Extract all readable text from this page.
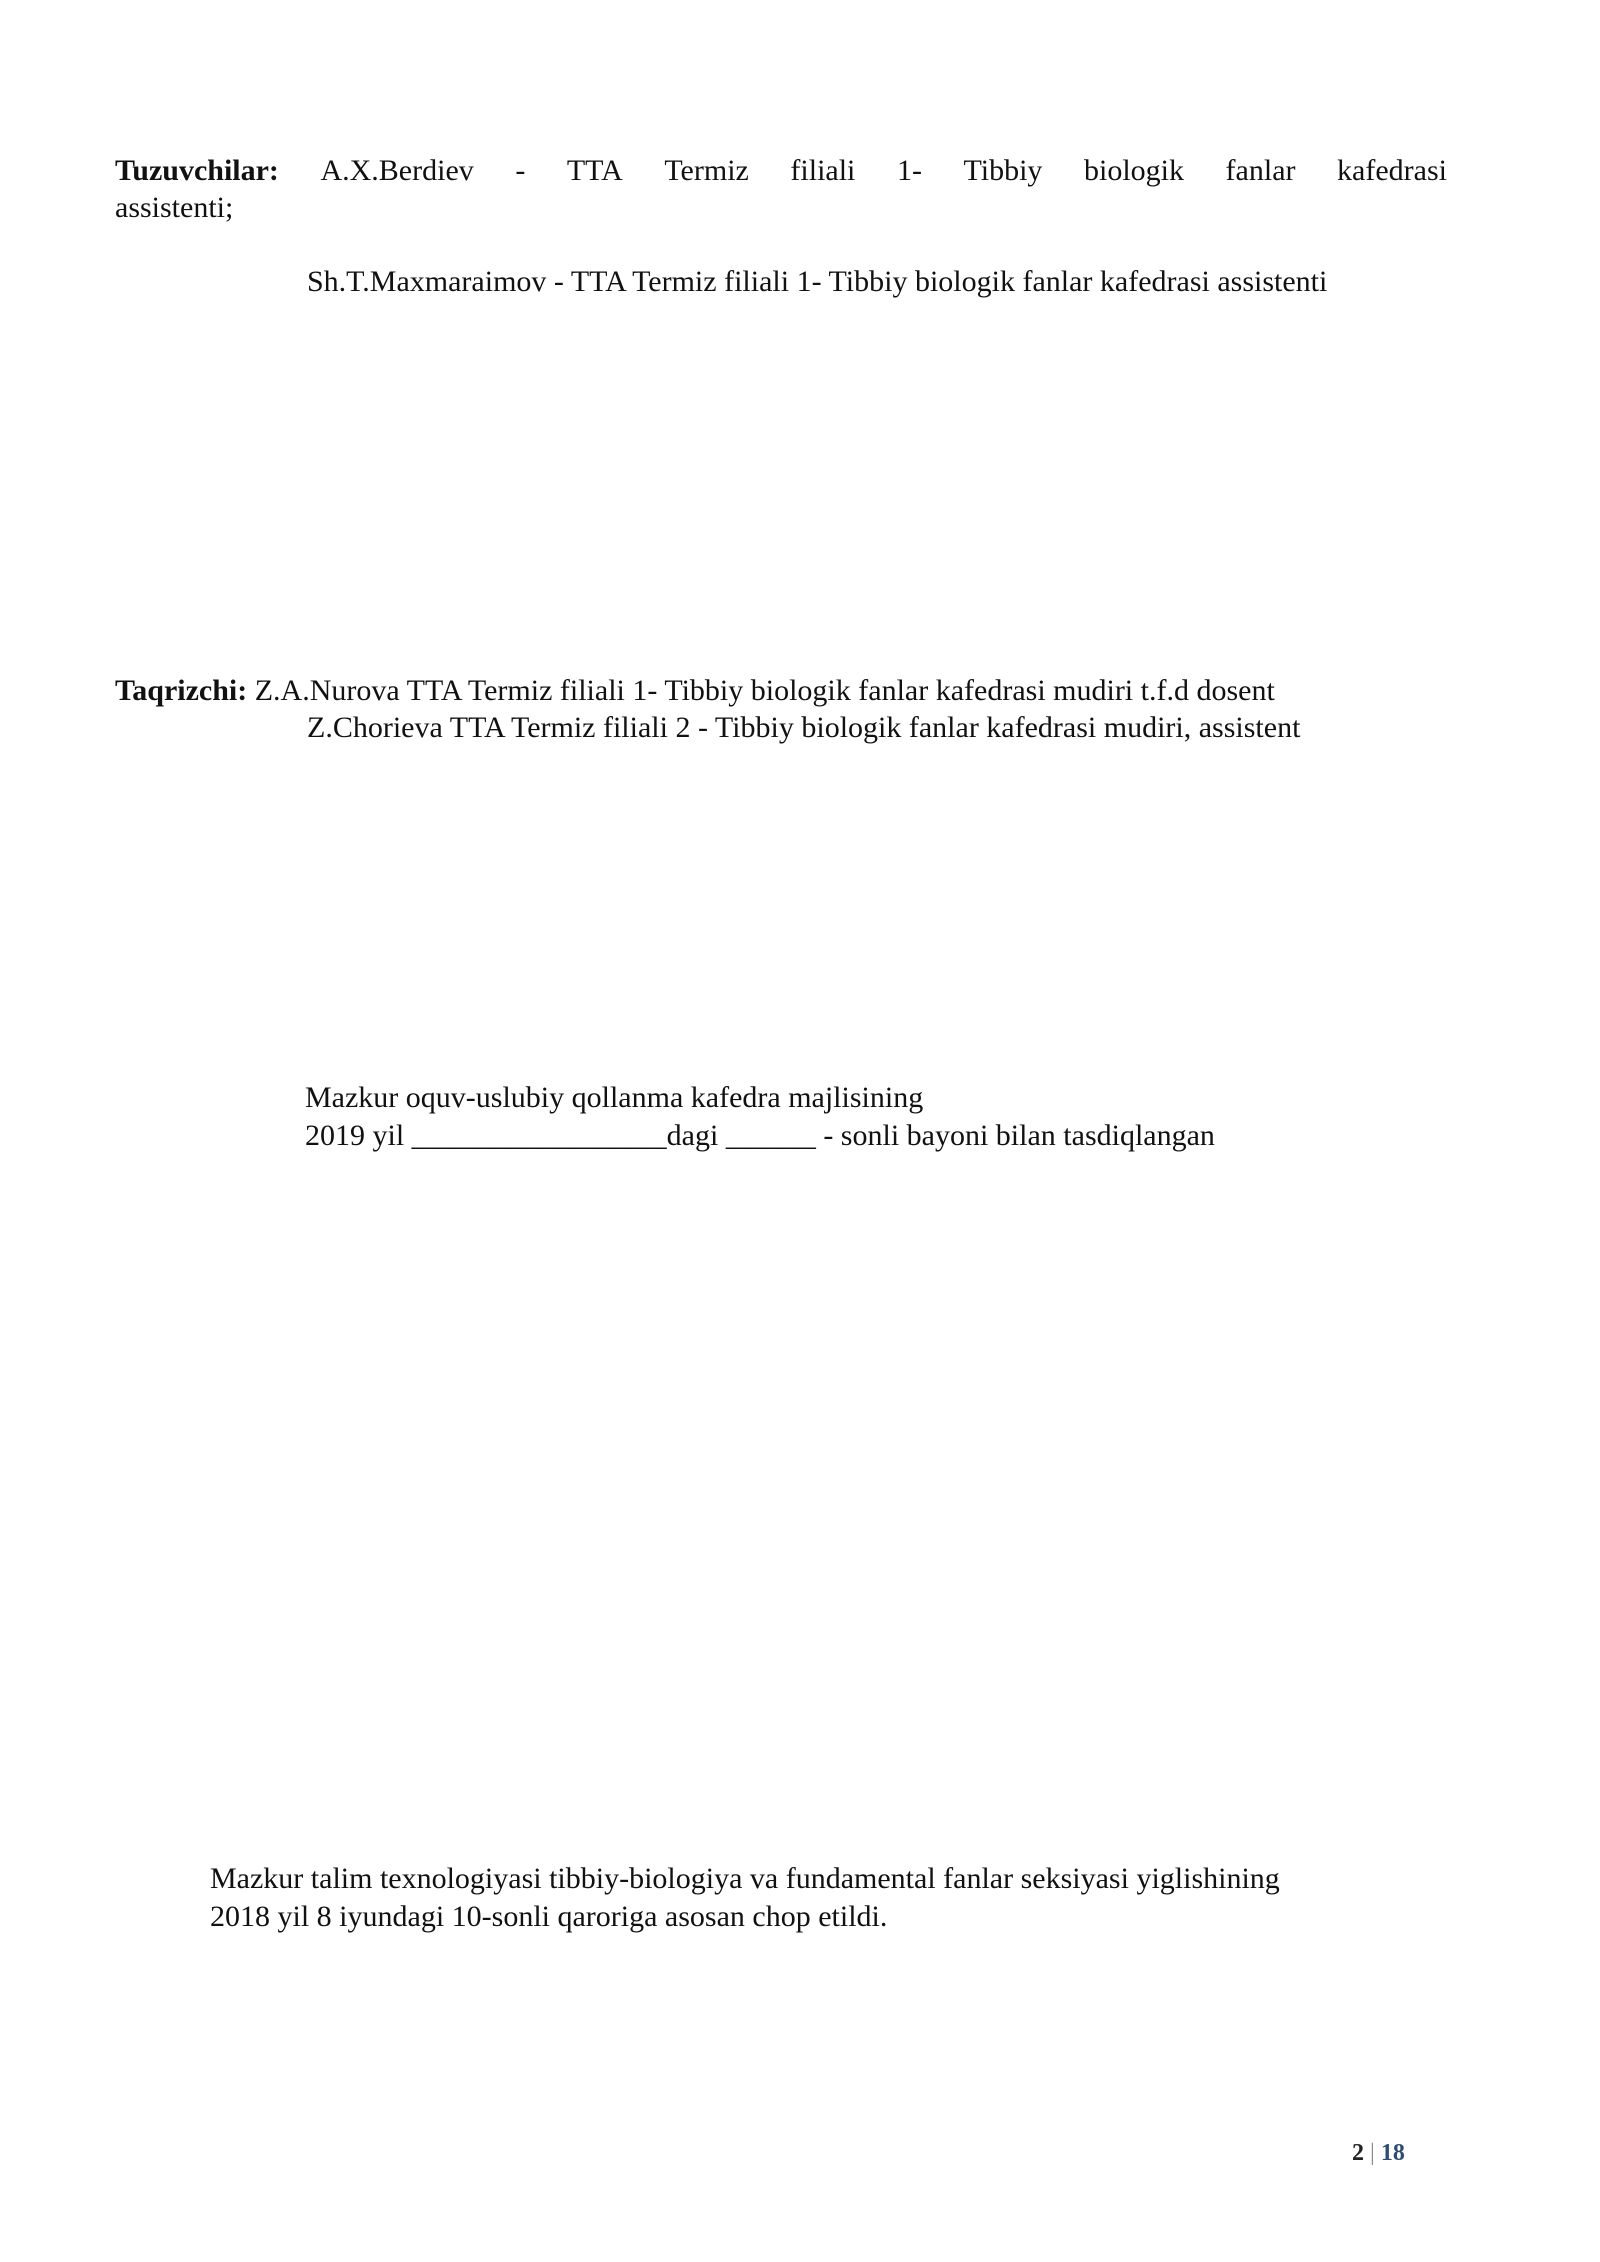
Tuzuvchilar: A.X.Berdiev - TTA Termiz filiali 1- Tibbiy biologik fanlar kafedrasi
assistenti;
Sh.T.Maxmaraimov - TTA Termiz filiali 1- Tibbiy biologik fanlar kafedrasi assistenti
Taqrizchi: Z.A.Nurova TTA Termiz filiali 1- Tibbiy biologik fanlar kafedrasi mudiri t.f.d dosent
Z.Chorieva TTA Termiz filiali 2 - Tibbiy biologik fanlar kafedrasi mudiri, assistent
Mazkur oquv-uslubiy qollanma kafedra majlisining
2019 yil _________________dagi ______ - sonli bayoni bilan tasdiqlangan
Mazkur talim texnologiyasi tibbiy-biologiya va fundamental fanlar seksiyasi yiglishining
2018 yil 8 iyundagi 10-sonli qaroriga asosan chop etildi.
2 | 18
